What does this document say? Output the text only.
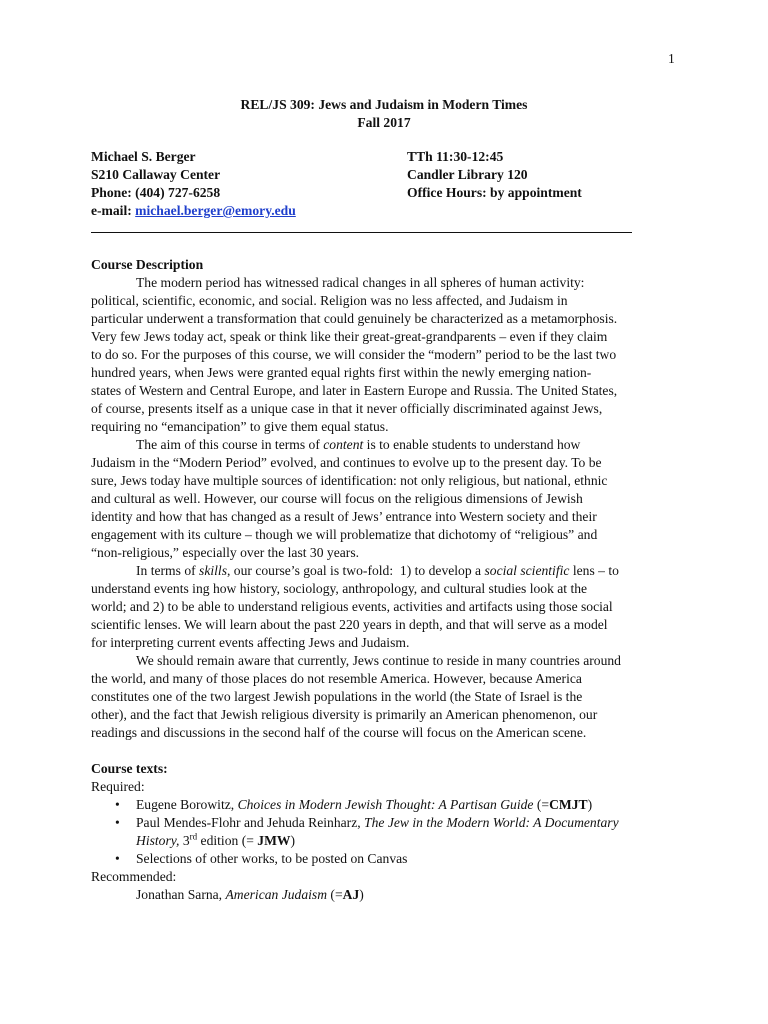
1
REL/JS 309: Jews and Judaism in Modern Times
Fall 2017
Michael S. Berger	TTh 11:30-12:45
S210 Callaway Center	Candler Library 120
Phone: (404) 727-6258	Office Hours: by appointment
e-mail: michael.berger@emory.edu
Course Description
The modern period has witnessed radical changes in all spheres of human activity:
political, scientific, economic, and social. Religion was no less affected, and Judaism in
particular underwent a transformation that could genuinely be characterized as a metamorphosis.
Very few Jews today act, speak or think like their great-great-grandparents – even if they claim
to do so. For the purposes of this course, we will consider the “modern” period to be the last two
hundred years, when Jews were granted equal rights first within the newly emerging nation-
states of Western and Central Europe, and later in Eastern Europe and Russia. The United States,
of course, presents itself as a unique case in that it never officially discriminated against Jews,
requiring no “emancipation” to give them equal status.
The aim of this course in terms of content is to enable students to understand how
Judaism in the “Modern Period” evolved, and continues to evolve up to the present day. To be
sure, Jews today have multiple sources of identification: not only religious, but national, ethnic
and cultural as well. However, our course will focus on the religious dimensions of Jewish
identity and how that has changed as a result of Jews’ entrance into Western society and their
engagement with its culture – though we will problematize that dichotomy of “religious” and
“non-religious,” especially over the last 30 years.
In terms of skills, our course’s goal is two-fold:  1) to develop a social scientific lens – to
understand events ing how history, sociology, anthropology, and cultural studies look at the
world; and 2) to be able to understand religious events, activities and artifacts using those social
scientific lenses. We will learn about the past 220 years in depth, and that will serve as a model
for interpreting current events affecting Jews and Judaism.
We should remain aware that currently, Jews continue to reside in many countries around
the world, and many of those places do not resemble America. However, because America
constitutes one of the two largest Jewish populations in the world (the State of Israel is the
other), and the fact that Jewish religious diversity is primarily an American phenomenon, our
readings and discussions in the second half of the course will focus on the American scene.
Course texts:
Required:
• Eugene Borowitz, Choices in Modern Jewish Thought: A Partisan Guide (=CMJT)
• Paul Mendes-Flohr and Jehuda Reinharz, The Jew in the Modern World: A Documentary
History, 3rd edition (= JMW)
• Selections of other works, to be posted on Canvas
Recommended:
Jonathan Sarna, American Judaism (=AJ)
